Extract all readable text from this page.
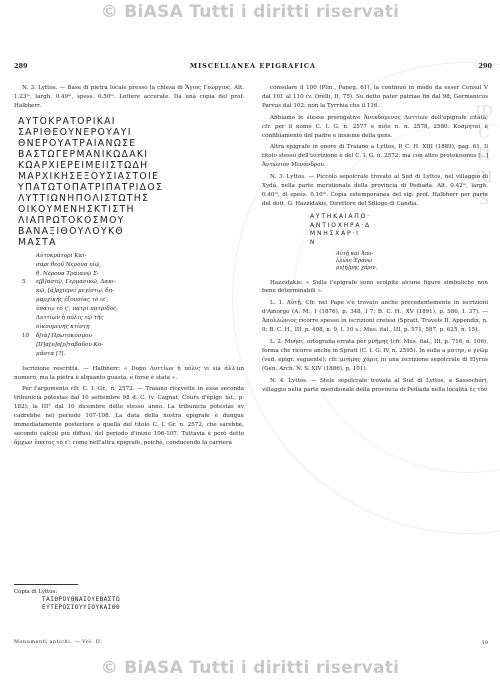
© BiASA Tutti i diritti riservati
IDCHRIS
289	MISCELLANEA EPIGRAFICA	290

N. 3. Lyttos. — Base di pietra locale presso la chiesa di Ἅγιος Γεώργιος. Alt. 1.23ᵐ, largh. 0.49ᵐ, spess. 0.50ᵐ. Lettere accurate. Da una copia del prof. Halbherr.

ΑΥΤΟΚΡΑΤΟΡΙΚΑΙ
ΣΑΡΙΘΕΟΥΝΕΡΟΥΑΥΙ
ΘΝΕΡΟΥΑΤΡΑΙΑΝΩΣΕ
ΒΑΣΤΩΓΕΡΜΑΝΙΚΩΔΑΚΙ
ΚΩΑΡΧΙΕΡΕΙΜΕΙΙΣΤΩΔΗ
ΜΑΡΧΙΚΗΣΕΞΟΥΣΙΑΣΤΟΙΕ
ΥΠΑΤΩΤΟΠΑΤΡΙΠΑΤΡΙΔΟΣ
ΛΥΤΤΙΩΝΗΠΟΛΙΣΤΩΤΗΣ
ΟΙΚΟΥΜΕΝΗΣΚΤΙΣΤΗ
ΛΙΑΠΡΩΤΟΚΟΣΜΟΥ
ΒΑΝΑΞΙΘΟΥΛΟΥΚΘ
ΜΑΣΤΑ
Αὐτοκράτορι Καί-
σαρι θεοῦ Νερούα υἱῷ,
θ̣. Νέρουα Τραιανῷ Σ-
5 ε̣[β]αστῷ, Γερμανικῷ, Δακι-
κῷ, [ἀ]ρχιερεῖ μεγίστῳ, δη-
μαρχικῆς ἐξουσίας τὸ ιε′,
ὑπάτῳ τὸ ς′, πατρὶ πατρίδος,
Λυττίων ἡ πόλις τῷ τῆς
οἰκουμένης κτίστῃ
10 δ[ιὰ] Πρωτοκόσμου
[Π]α[ν]ο[ρ]ταβάδου Κο-
μᾶστα [?].

Iscrizione rescritta. — Halbherr: « Dopo Λυττίων ἡ πόλις vi sia ἀλλ'un numero, ma la pietra è alquanto guasta, e forse è stata ».

Per l'argomento cfr. C. I. Gr., n. 2572. — Traiano ricevette in essa seconda tribunicia potestas dal 10 settembre 98 d. C. (v. Cagnat, Cours d'épigr. lat., p. 182); la III° dal 10 dicembre dello stesso anno. La tribunicia potestas xv cadrebbe nel periodo 107-108. La data della nostra epigrafe è dunque immediatamente posteriore a quella del titolo C. I. Gr. n. 2572, che sarebbe, secondo calcoli più diffusi, del periodo d'inizio 106-107. Tuttavia è però detto ἄρχων ὕπατος τὸ ε′; come nell'altra epigrafe, poichè, conducendo la carriera

Copia di Lyttos:
ΤΑΙΘΡΟΥΘΝΑΙΟΥΕΒΑΣΤΩ
ΕΥΤΕΡΟΣΙΟΥΥΙΟΥΚΑΙΘΘ
Monumenti antichi. — Vol. II.	19

consolare il 100 (Plin., Paneg. 61), la continuò in modo da esser Consul V dal 101 al 110 (v. Orelli, II, 75). Su detto pater patriae fin dal 98; Germanicus Parvus dal 102; non la Tyrrhia che il 116.

Abbiamo le stesse prerogative Ἀνεκδόμενος Λυττίων dell'epigrafe citata; cfr. per il nome C. I. G. n. 2577 e note n. n. 2578, 2580. Κοσμηταὶ è confibiamento del padre e insieme della gens.

Altra epigrafe in onore di Traiano a Lyttos, P. C. H. XIII (1889), pag. 61. Il titolo stesso dell'iscrizione è del C. I. G. n. 2572, ma con altro protokosmos [...] Ἀντώνιον Μενάνδρου.

N. 3. Lyttos. — Piccolo sepolcrale trovato al Sud di Lyttos, nel villaggio di Xydá, nella parte meridionale della provincia di Pedíada. Alt. 0.42ᵐ, largh. 0.40ᵐ, di spess. 0.10ᵐ. Copia estemporanea del sig. prof. Halbherr per parte del dott. G. Hazzidakis, Direttore del Sillogo di Candia.

ΑΥΤΗΚΑΙΑΠΟ·
ΑΝΤΙΟΧΗΡΑ·Δ
ΜΝΗΣΧΑΡ·Ι
Ν
Αὐτῇ καὶ Ἀπο-
λλώνι Ἐράνῳ
μν[ή]μης χάριν.

Hazzidakis: « Sulla l'epigrafe sono scolpite alcune figure simboliche non bene determinabili ».

L. 1. Αὐτῇ. Cfr. nel Pape s'è trovato anche precedentemente in iscrizioni d'Amorgo (A. M., I (1876), p. 348, I 7; B. C. H., XV (1891), p. 586, I. 37). — Ἀπολλώνιος ricorre spesso in iscrizioni cretesi (Spratt, Travels II, Appendix, n. 9; B. C. H., III, p. 408, n. 9, I. 10 s.; Mus. ital., III, p. 571, 587, p. 625, n. 15).

L. 2. Μυήσι, ortografia errata per μνῆμης (cfr. Mus. ital., III, p. 716, n. 106), forma che ricorre anche in Spratt (C. I. G. IV, n. 2595). In sulla a ματην, e γνῶμ (ved. epigr. seguente); cfr. μνήμης χάρις in una iscrizione sepolcrale di Elyrus (Gen. Arch. N. S. XIV (1886), p. 101).

N. 4. Lyttos. — Stele sepolcrale trovata al Sud di Lyttos, a Sassochóri, villaggio nella parte meridionale della provincia di Pedíada nella località ἐς τὸν

© BiASA Tutti i diritti riservati
